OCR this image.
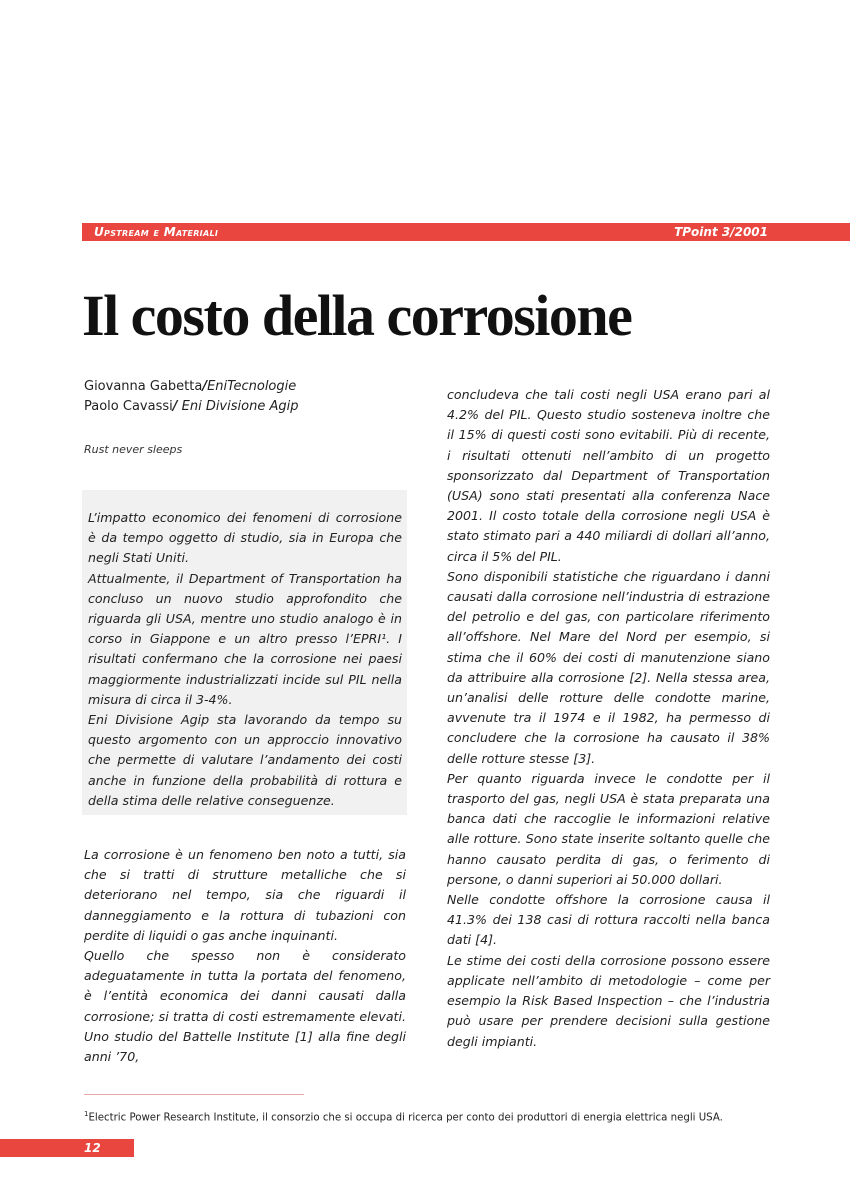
Upstream e Materiali	TPoint 3/2001
Il costo della corrosione
Giovanna Gabetta/EniTecnologie
Paolo Cavassi/ Eni Divisione Agip
Rust never sleeps

L’impatto economico dei fenomeni di corrosione è da tempo oggetto di studio, sia in Europa che negli Stati Uniti.

Attualmente, il Department of Transportation ha concluso un nuovo studio approfondito che riguarda gli USA, mentre uno studio analogo è in corso in Giappone e un altro presso l’EPRI¹. I risultati confermano che la corrosione nei paesi maggiormente industrializzati incide sul PIL nella misura di circa il 3-4%.

Eni Divisione Agip sta lavorando da tempo su questo argomento con un approccio innovativo che permette di valutare l’andamento dei costi anche in funzione della probabilità di rottura e della stima delle relative conseguenze.

La corrosione è un fenomeno ben noto a tutti, sia che si tratti di strutture metalliche che si deteriorano nel tempo, sia che riguardi il danneggiamento e la rottura di tubazioni con perdite di liquidi o gas anche inquinanti.

Quello che spesso non è considerato adeguatamente in tutta la portata del fenomeno, è l’entità economica dei danni causati dalla corrosione; si tratta di costi estremamente elevati. Uno studio del Battelle Institute [1] alla fine degli anni ’70,

concludeva che tali costi negli USA erano pari al 4.2% del PIL. Questo studio sosteneva inoltre che il 15% di questi costi sono evitabili. Più di recente, i risultati ottenuti nell’ambito di un progetto sponsorizzato dal Department of Transportation (USA) sono stati presentati alla conferenza Nace 2001. Il costo totale della corrosione negli USA è stato stimato pari a 440 miliardi di dollari all’anno, circa il 5% del PIL.

Sono disponibili statistiche che riguardano i danni causati dalla corrosione nell’industria di estrazione del petrolio e del gas, con particolare riferimento all’offshore. Nel Mare del Nord per esempio, si stima che il 60% dei costi di manutenzione siano da attribuire alla corrosione [2]. Nella stessa area, un’analisi delle rotture delle condotte marine, avvenute tra il 1974 e il 1982, ha permesso di concludere che la corrosione ha causato il 38% delle rotture stesse [3].

Per quanto riguarda invece le condotte per il trasporto del gas, negli USA è stata preparata una banca dati che raccoglie le informazioni relative alle rotture. Sono state inserite soltanto quelle che hanno causato perdita di gas, o ferimento di persone, o danni superiori ai 50.000 dollari.

Nelle condotte offshore la corrosione causa il 41.3% dei 138 casi di rottura raccolti nella banca dati [4].

Le stime dei costi della corrosione possono essere applicate nell’ambito di metodologie – come per esempio la Risk Based Inspection – che l’industria può usare per prendere decisioni sulla gestione degli impianti.

$^1$Electric Power Research Institute, il consorzio che si occupa di ricerca per conto dei produttori di energia elettrica negli USA.
12
